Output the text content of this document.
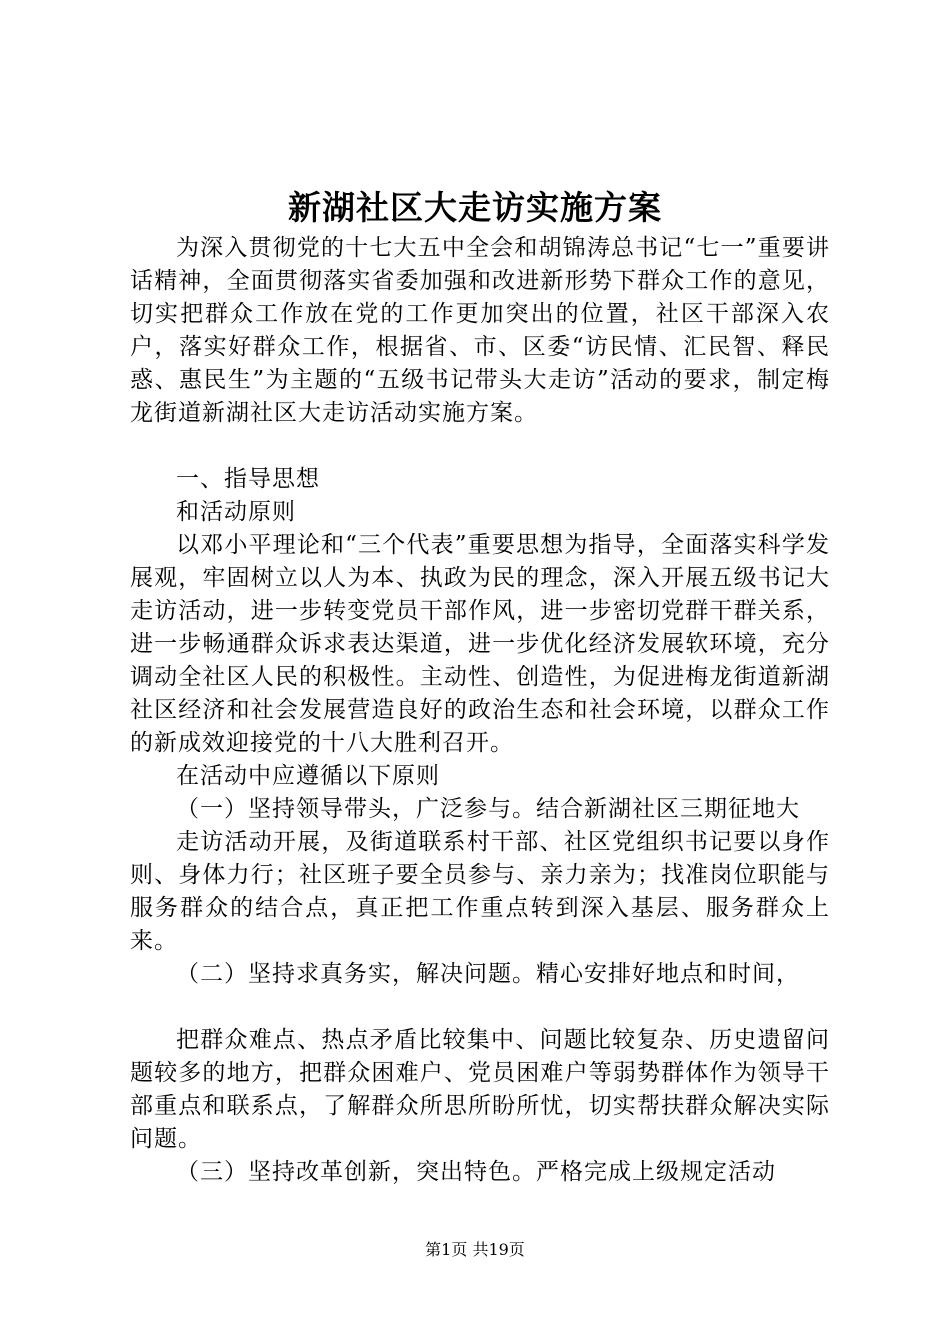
新湖社区大走访实施方案

为深入贯彻党的十七大五中全会和胡锦涛总书记“七一”重要讲话精神，全面贯彻落实省委加强和改进新形势下群众工作的意见，切实把群众工作放在党的工作更加突出的位置，社区干部深入农户，落实好群众工作，根据省、市、区委“访民情、汇民智、释民惑、惠民生”为主题的“五级书记带头大走访”活动的要求，制定梅龙街道新湖社区大走访活动实施方案。

一、指导思想

和活动原则

以邓小平理论和“三个代表”重要思想为指导，全面落实科学发展观，牢固树立以人为本、执政为民的理念，深入开展五级书记大走访活动，进一步转变党员干部作风，进一步密切党群干群关系，进一步畅通群众诉求表达渠道，进一步优化经济发展软环境，充分调动全社区人民的积极性。主动性、创造性，为促进梅龙街道新湖社区经济和社会发展营造良好的政治生态和社会环境，以群众工作的新成效迎接党的十八大胜利召开。

在活动中应遵循以下原则

（一）坚持领导带头，广泛参与。结合新湖社区三期征地大

走访活动开展，及街道联系村干部、社区党组织书记要以身作则、身体力行；社区班子要全员参与、亲力亲为；找准岗位职能与服务群众的结合点，真正把工作重点转到深入基层、服务群众上来。

（二）坚持求真务实，解决问题。精心安排好地点和时间，

把群众难点、热点矛盾比较集中、问题比较复杂、历史遗留问题较多的地方，把群众困难户、党员困难户等弱势群体作为领导干部重点和联系点，了解群众所思所盼所忧，切实帮扶群众解决实际问题。

（三）坚持改革创新，突出特色。严格完成上级规定活动

第1页 共19页
